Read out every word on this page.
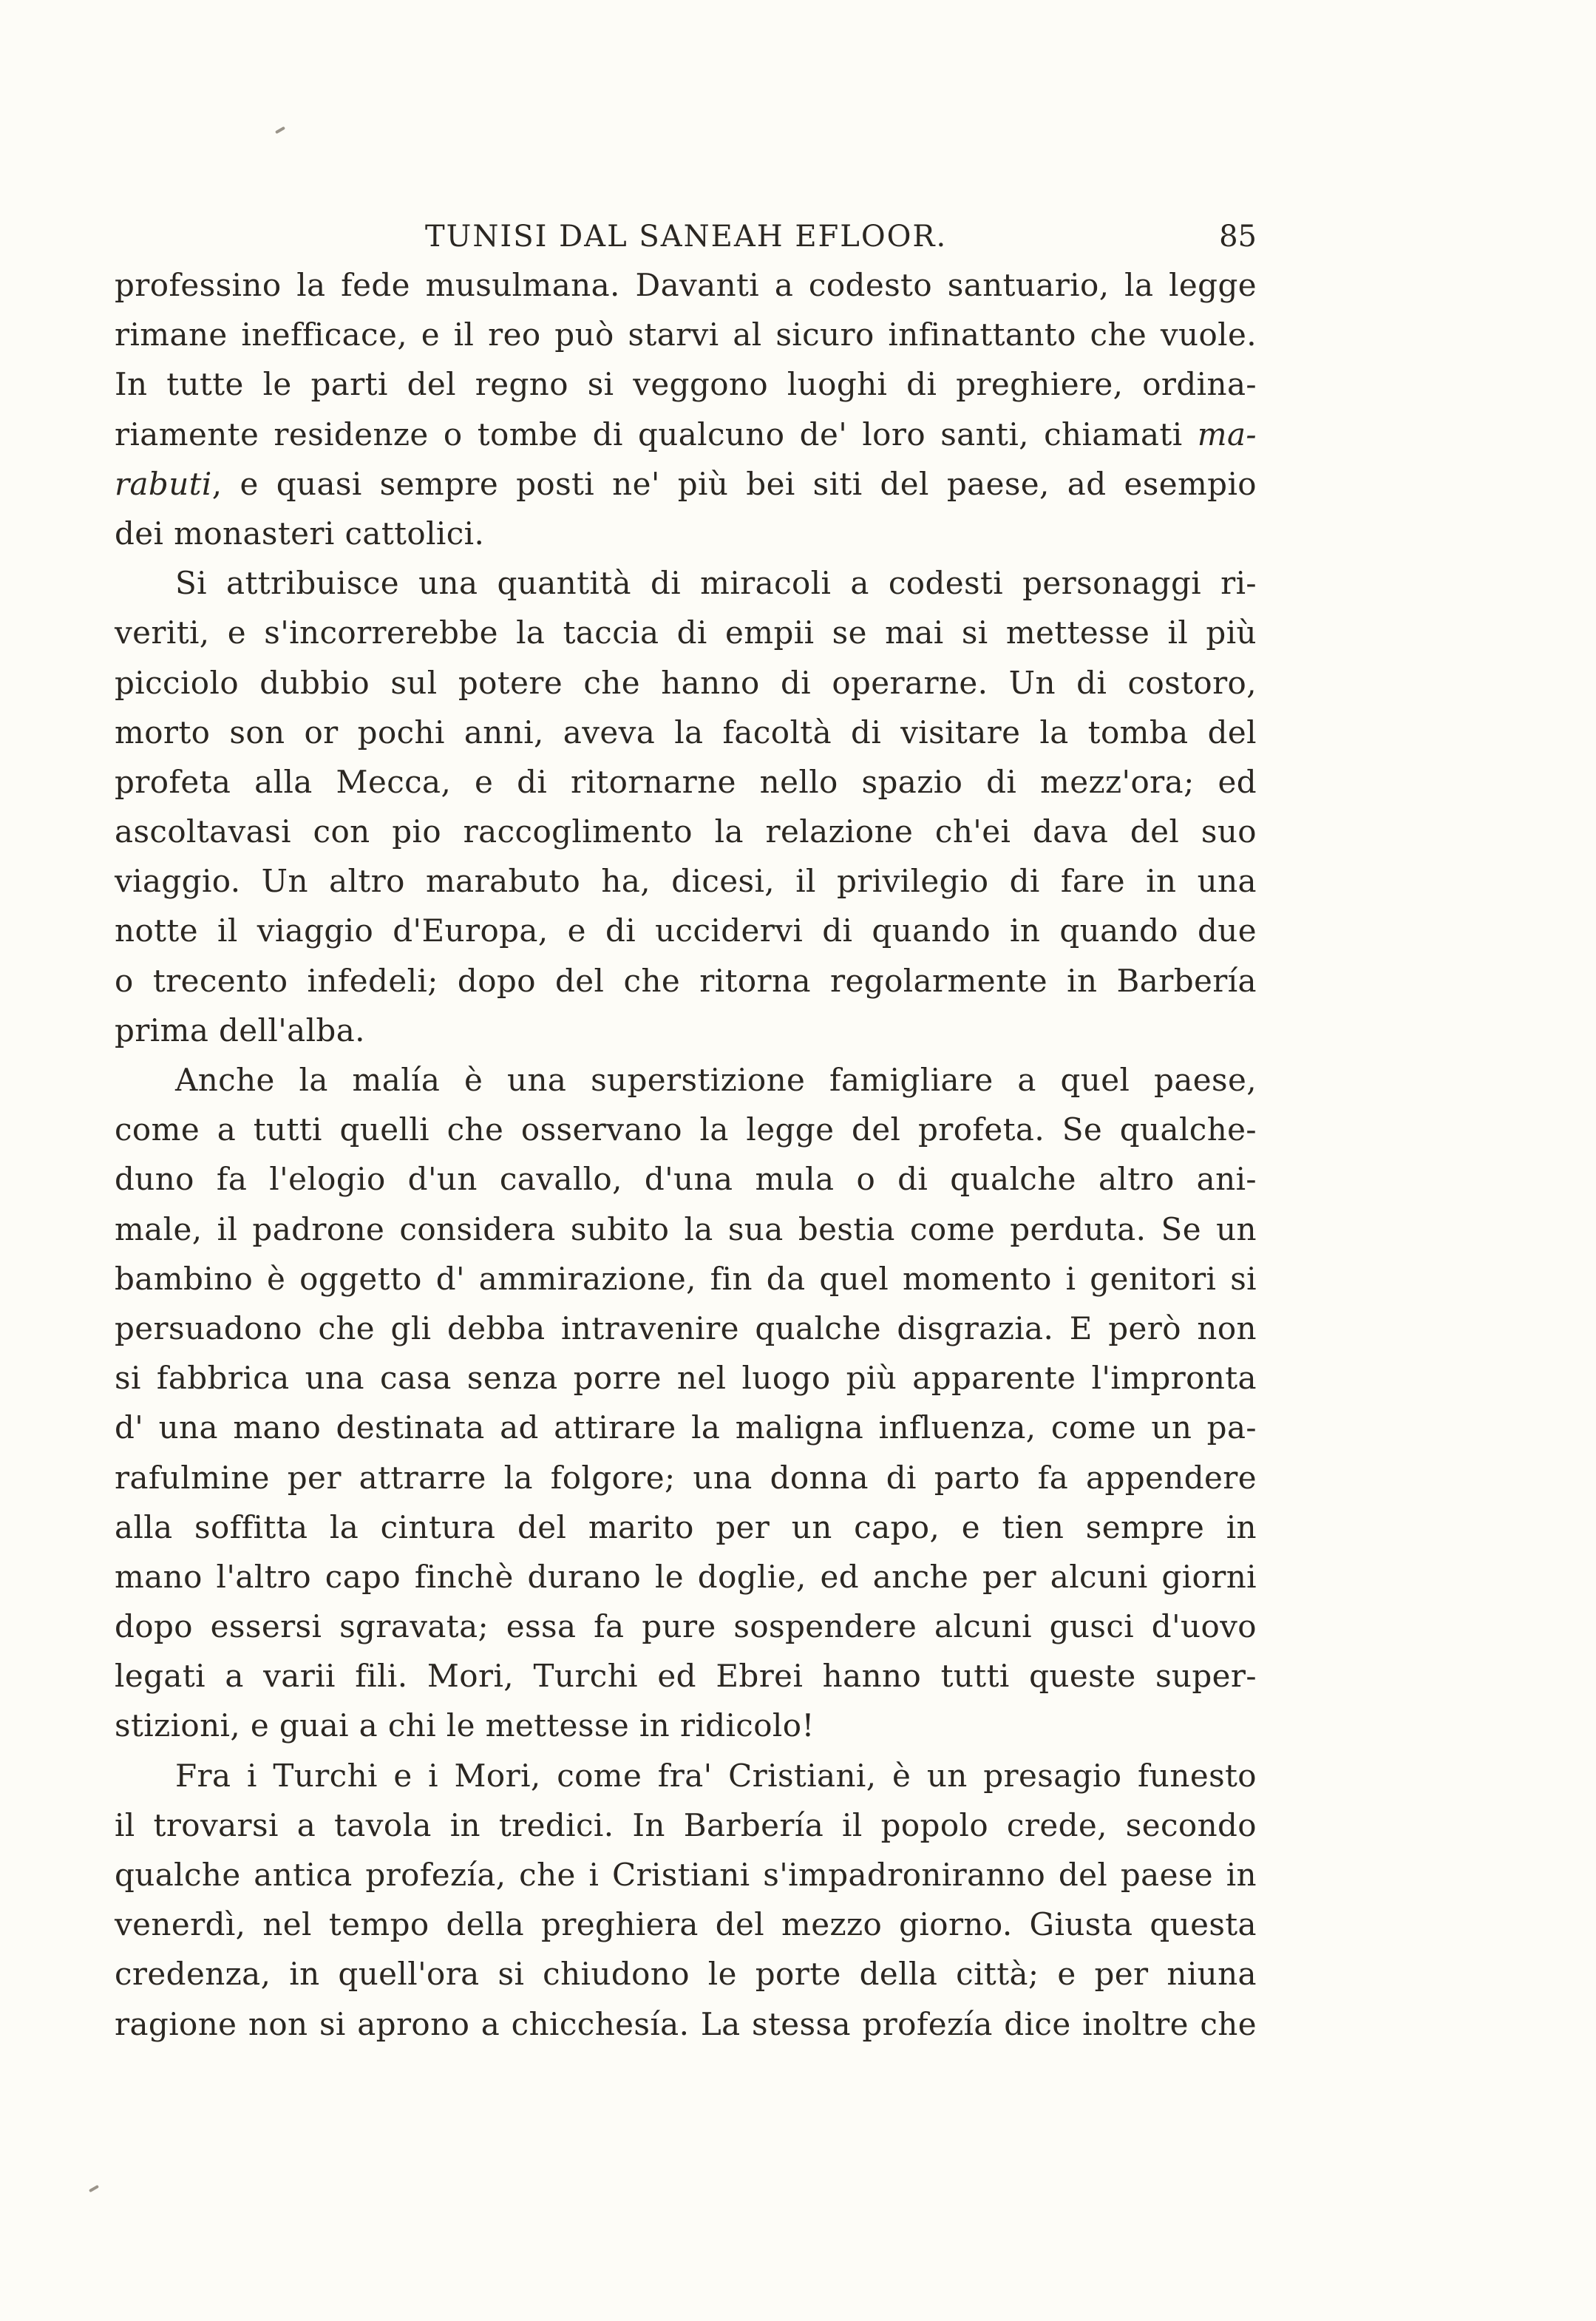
TUNISI DAL SANEAH EFLOOR.	85
professino la fede musulmana. Davanti a codesto santuario, la legge
rimane inefficace, e il reo può starvi al sicuro infinattanto che vuole.
In tutte le parti del regno si veggono luoghi di preghiere, ordina-
riamente residenze o tombe di qualcuno de' loro santi, chiamati ma-
rabuti, e quasi sempre posti ne' più bei siti del paese, ad esempio
dei monasteri cattolici.
Si attribuisce una quantità di miracoli a codesti personaggi ri-
veriti, e s'incorrerebbe la taccia di empii se mai si mettesse il più
picciolo dubbio sul potere che hanno di operarne. Un di costoro,
morto son or pochi anni, aveva la facoltà di visitare la tomba del
profeta alla Mecca, e di ritornarne nello spazio di mezz'ora; ed
ascoltavasi con pio raccoglimento la relazione ch'ei dava del suo
viaggio. Un altro marabuto ha, dicesi, il privilegio di fare in una
notte il viaggio d'Europa, e di uccidervi di quando in quando due
o trecento infedeli; dopo del che ritorna regolarmente in Barbería
prima dell'alba.
Anche la malía è una superstizione famigliare a quel paese,
come a tutti quelli che osservano la legge del profeta. Se qualche-
duno fa l'elogio d'un cavallo, d'una mula o di qualche altro ani-
male, il padrone considera subito la sua bestia come perduta. Se un
bambino è oggetto d' ammirazione, fin da quel momento i genitori si
persuadono che gli debba intravenire qualche disgrazia. E però non
si fabbrica una casa senza porre nel luogo più apparente l'impronta
d' una mano destinata ad attirare la maligna influenza, come un pa-
rafulmine per attrarre la folgore; una donna di parto fa appendere
alla soffitta la cintura del marito per un capo, e tien sempre in
mano l'altro capo finchè durano le doglie, ed anche per alcuni giorni
dopo essersi sgravata; essa fa pure sospendere alcuni gusci d'uovo
legati a varii fili. Mori, Turchi ed Ebrei hanno tutti queste super-
stizioni, e guai a chi le mettesse in ridicolo!
Fra i Turchi e i Mori, come fra' Cristiani, è un presagio funesto
il trovarsi a tavola in tredici. In Barbería il popolo crede, secondo
qualche antica profezía, che i Cristiani s'impadroniranno del paese in
venerdì, nel tempo della preghiera del mezzo giorno. Giusta questa
credenza, in quell'ora si chiudono le porte della città; e per niuna
ragione non si aprono a chicchesía. La stessa profezía dice inoltre che
